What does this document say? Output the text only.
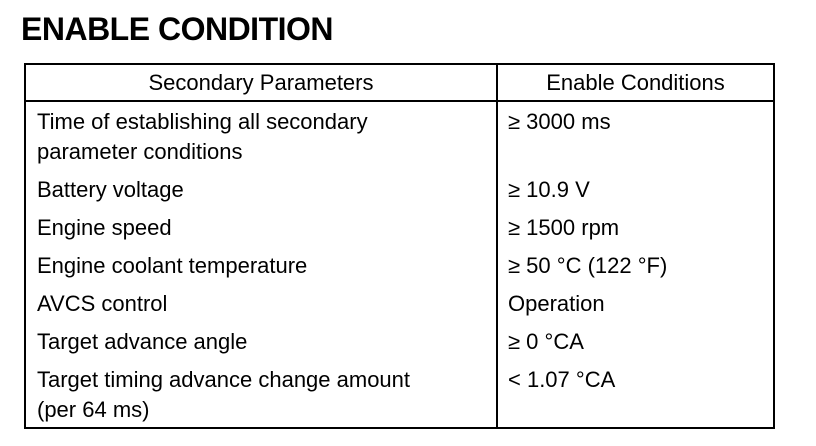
ENABLE CONDITION
Secondary Parameters	Enable Conditions
Time of establishing all secondary
parameter conditions	≥ 3000 ms
Battery voltage	≥ 10.9 V
Engine speed	≥ 1500 rpm
Engine coolant temperature	≥ 50 °C (122 °F)
AVCS control	Operation
Target advance angle	≥ 0 °CA
Target timing advance change amount
(per 64 ms)	< 1.07 °CA
